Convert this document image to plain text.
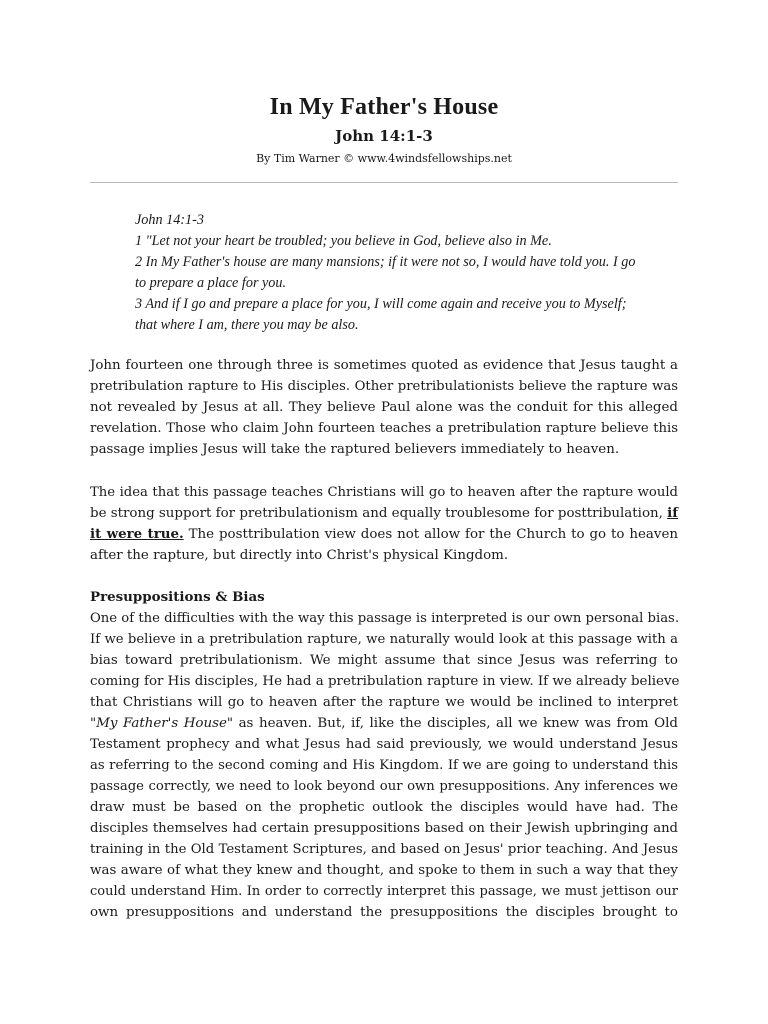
In My Father's House
John 14:1-3
By Tim Warner © www.4windsfellowships.net
John 14:1-3
1 "Let not your heart be troubled; you believe in God, believe also in Me.
2 In My Father's house are many mansions; if it were not so, I would have told you. I go
to prepare a place for you.
3 And if I go and prepare a place for you, I will come again and receive you to Myself;
that where I am, there you may be also.
John fourteen one through three is sometimes quoted as evidence that Jesus taught a
pretribulation rapture to His disciples. Other pretribulationists believe the rapture was
not revealed by Jesus at all. They believe Paul alone was the conduit for this alleged
revelation. Those who claim John fourteen teaches a pretribulation rapture believe this
passage implies Jesus will take the raptured believers immediately to heaven.
The idea that this passage teaches Christians will go to heaven after the rapture would
be strong support for pretribulationism and equally troublesome for posttribulation, if
it were true. The posttribulation view does not allow for the Church to go to heaven
after the rapture, but directly into Christ's physical Kingdom.
Presuppositions & Bias
One of the difficulties with the way this passage is interpreted is our own personal bias.
If we believe in a pretribulation rapture, we naturally would look at this passage with a
bias toward pretribulationism. We might assume that since Jesus was referring to
coming for His disciples, He had a pretribulation rapture in view. If we already believe
that Christians will go to heaven after the rapture we would be inclined to interpret
"My Father's House" as heaven. But, if, like the disciples, all we knew was from Old
Testament prophecy and what Jesus had said previously, we would understand Jesus
as referring to the second coming and His Kingdom. If we are going to understand this
passage correctly, we need to look beyond our own presuppositions. Any inferences we
draw must be based on the prophetic outlook the disciples would have had. The
disciples themselves had certain presuppositions based on their Jewish upbringing and
training in the Old Testament Scriptures, and based on Jesus' prior teaching. And Jesus
was aware of what they knew and thought, and spoke to them in such a way that they
could understand Him. In order to correctly interpret this passage, we must jettison our
own presuppositions and understand the presuppositions the disciples brought to
